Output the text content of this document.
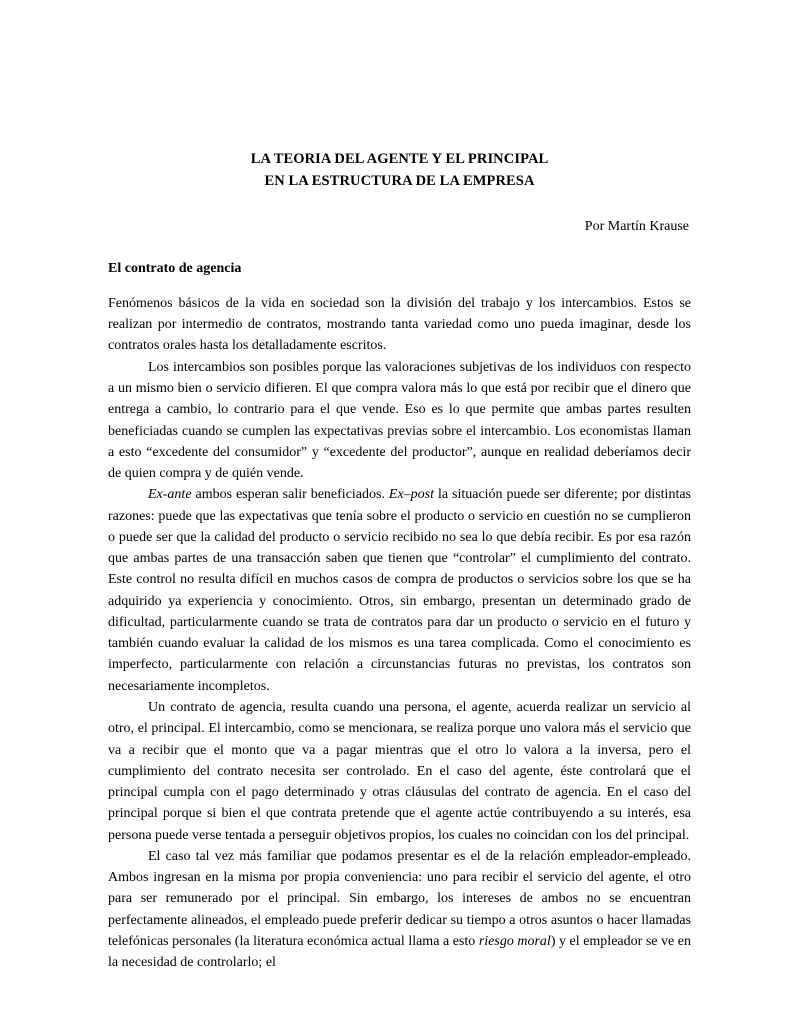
LA TEORIA DEL AGENTE Y EL PRINCIPAL
EN LA ESTRUCTURA DE LA EMPRESA
Por Martín Krause
El contrato de agencia

Fenómenos básicos de la vida en sociedad son la división del trabajo y los intercambios. Estos se realizan por intermedio de contratos, mostrando tanta variedad como uno pueda imaginar, desde los contratos orales hasta los detalladamente escritos.

Los intercambios son posibles porque las valoraciones subjetivas de los individuos con respecto a un mismo bien o servicio difieren. El que compra valora más lo que está por recibir que el dinero que entrega a cambio, lo contrario para el que vende. Eso es lo que permite que ambas partes resulten beneficiadas cuando se cumplen las expectativas previas sobre el intercambio. Los economistas llaman a esto “excedente del consumidor” y “excedente del productor”, aunque en realidad deberíamos decir de quien compra y de quién vende.

Ex-ante ambos esperan salir beneficiados. Ex–post la situación puede ser diferente; por distintas razones: puede que las expectativas que tenía sobre el producto o servicio en cuestión no se cumplieron o puede ser que la calidad del producto o servicio recibido no sea lo que debía recibir. Es por esa razón que ambas partes de una transacción saben que tienen que “controlar” el cumplimiento del contrato. Este control no resulta difícil en muchos casos de compra de productos o servicios sobre los que se ha adquirido ya experiencia y conocimiento. Otros, sin embargo, presentan un determinado grado de dificultad, particularmente cuando se trata de contratos para dar un producto o servicio en el futuro y también cuando evaluar la calidad de los mismos es una tarea complicada. Como el conocimiento es imperfecto, particularmente con relación a circunstancias futuras no previstas, los contratos son necesariamente incompletos.

Un contrato de agencia, resulta cuando una persona, el agente, acuerda realizar un servicio al otro, el principal. El intercambio, como se mencionara, se realiza porque uno valora más el servicio que va a recibir que el monto que va a pagar mientras que el otro lo valora a la inversa, pero el cumplimiento del contrato necesita ser controlado. En el caso del agente, éste controlará que el principal cumpla con el pago determinado y otras cláusulas del contrato de agencia. En el caso del principal porque si bien el que contrata pretende que el agente actúe contribuyendo a su interés, esa persona puede verse tentada a perseguir objetivos propios, los cuales no coincidan con los del principal.

El caso tal vez más familiar que podamos presentar es el de la relación empleador-empleado. Ambos ingresan en la misma por propia conveniencia: uno para recibir el servicio del agente, el otro para ser remunerado por el principal. Sin embargo, los intereses de ambos no se encuentran perfectamente alineados, el empleado puede preferir dedicar su tiempo a otros asuntos o hacer llamadas telefónicas personales (la literatura económica actual llama a esto riesgo moral) y el empleador se ve en la necesidad de controlarlo; el
